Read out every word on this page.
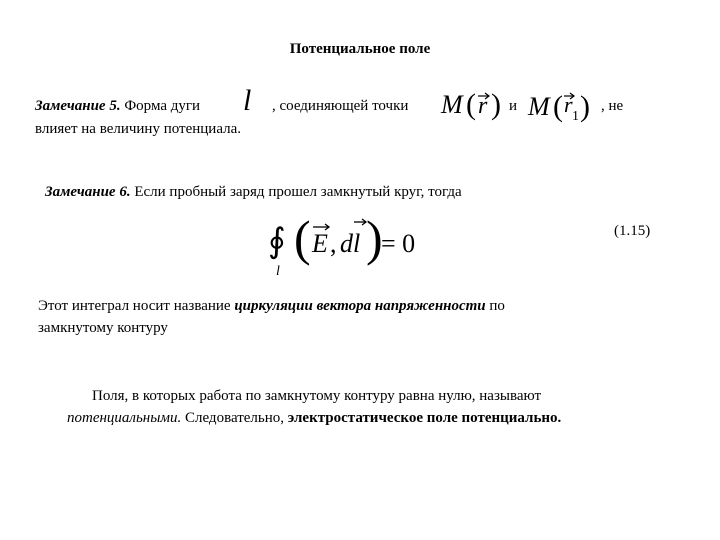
Потенциальное поле
Замечание 5. Форма дуги l , соединяющей точки M ( r ) и M ( r 1 ) , не
влияет на величину потенциала.
Замечание 6. Если пробный заряд прошел замкнутый круг, тогда
∮
l
( E , dl )
= 0	(1.15)
Этот интеграл носит название циркуляции вектора напряженности по
замкнутому контуру
Поля, в которых работа по замкнутому контуру равна нулю, называют
потенциальными. Следовательно, электростатическое поле потенциально.
